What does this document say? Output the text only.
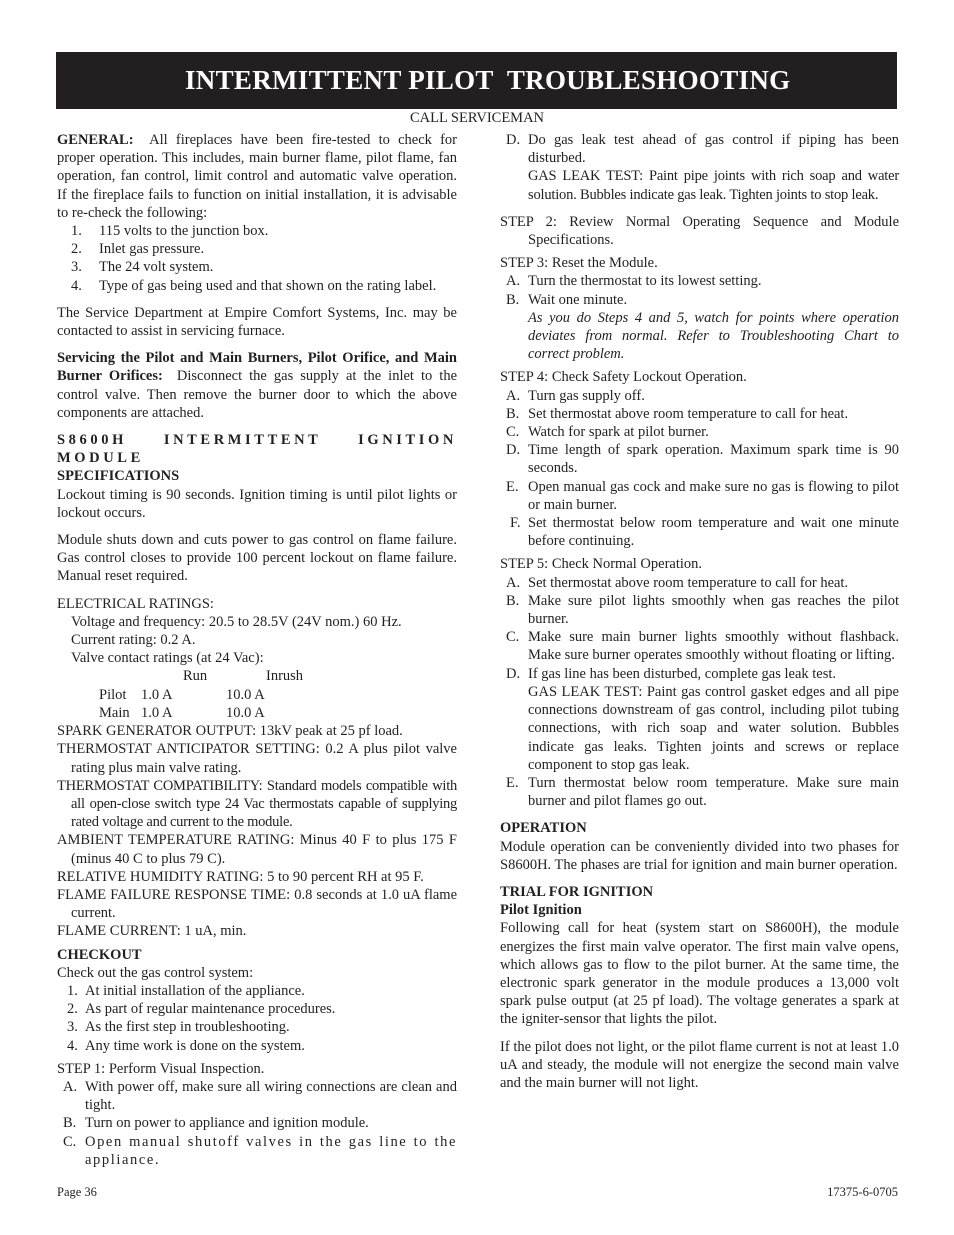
INTERMITTENT PILOT  TROUBLESHOOTING
CALL SERVICEMAN

GENERAL: All fireplaces have been fire-tested to check for proper operation. This includes, main burner flame, pilot flame, fan operation, fan control, limit control and automatic valve operation. If the fireplace fails to function on initial installation, it is advisable to re-check the following:

1. 115 volts to the junction box.
2. Inlet gas pressure.
3. The 24 volt system.
4. Type of gas being used and that shown on the rating label.

The Service Department at Empire Comfort Systems, Inc. may be contacted to assist in servicing furnace.

Servicing the Pilot and Main Burners, Pilot Orifice, and Main Burner Orifices: Disconnect the gas supply at the inlet to the control valve. Then remove the burner door to which the above components are attached.

S8600H INTERMITTENT IGNITION MODULE
SPECIFICATIONS

Lockout timing is 90 seconds. Ignition timing is until pilot lights or lockout occurs.

Module shuts down and cuts power to gas control on flame failure. Gas control closes to provide 100 percent lockout on flame failure. Manual reset required.

ELECTRICAL RATINGS:
Voltage and frequency: 20.5 to 28.5V (24V nom.) 60 Hz.
Current rating: 0.2 A.
Valve contact ratings (at 24 Vac):
Run	Inrush
Pilot	1.0 A	10.0 A
Main 1.0 A	10.0 A
SPARK GENERATOR OUTPUT: 13kV peak at 25 pf load.
THERMOSTAT ANTICIPATOR SETTING: 0.2 A plus pilot valve rating plus main valve rating.
THERMOSTAT COMPATIBILITY: Standard models compatible with all open-close switch type 24 Vac thermostats capable of supplying rated voltage and current to the module.
AMBIENT TEMPERATURE RATING: Minus 40 F to plus 175 F (minus 40 C to plus 79 C).
RELATIVE HUMIDITY RATING: 5 to 90 percent RH at 95 F.
FLAME FAILURE RESPONSE TIME: 0.8 seconds at 1.0 uA flame current.
FLAME CURRENT: 1 uA, min.
CHECKOUT
Check out the gas control system:
1. At initial installation of the appliance.
2. As part of regular maintenance procedures.
3. As the first step in troubleshooting.
4. Any time work is done on the system.
STEP 1: Perform Visual Inspection.
A. With power off, make sure all wiring connections are clean and tight.
B. Turn on power to appliance and ignition module.
C. Open manual shutoff valves in the gas line to the appliance.
D. Do gas leak test ahead of gas control if piping has been disturbed.
GAS LEAK TEST: Paint pipe joints with rich soap and water solution. Bubbles indicate gas leak. Tighten joints to stop leak.

STEP 2: Review Normal Operating Sequence and Module Specifications.

STEP 3: Reset the Module.
A. Turn the thermostat to its lowest setting.
B. Wait one minute.
As you do Steps 4 and 5, watch for points where operation deviates from normal. Refer to Troubleshooting Chart to correct problem.
STEP 4: Check Safety Lockout Operation.
A. Turn gas supply off.
B. Set thermostat above room temperature to call for heat.
C. Watch for spark at pilot burner.
D. Time length of spark operation. Maximum spark time is 90 seconds.
E. Open manual gas cock and make sure no gas is flowing to pilot or main burner.
F. Set thermostat below room temperature and wait one minute before continuing.
STEP 5: Check Normal Operation.
A. Set thermostat above room temperature to call for heat.
B. Make sure pilot lights smoothly when gas reaches the pilot burner.
C. Make sure main burner lights smoothly without flashback. Make sure burner operates smoothly without floating or lifting.
D. If gas line has been disturbed, complete gas leak test.
GAS LEAK TEST: Paint gas control gasket edges and all pipe connections downstream of gas control, including pilot tubing connections, with rich soap and water solution. Bubbles indicate gas leaks. Tighten joints and screws or replace component to stop gas leak.
E. Turn thermostat below room temperature. Make sure main burner and pilot flames go out.
OPERATION

Module operation can be conveniently divided into two phases for S8600H. The phases are trial for ignition and main burner operation.

TRIAL FOR IGNITION
Pilot Ignition

Following call for heat (system start on S8600H), the module energizes the first main valve operator. The first main valve opens, which allows gas to flow to the pilot burner. At the same time, the electronic spark generator in the module produces a 13,000 volt spark pulse output (at 25 pf load). The voltage generates a spark at the igniter-sensor that lights the pilot.

If the pilot does not light, or the pilot flame current is not at least 1.0 uA and steady, the module will not energize the second main valve and the main burner will not light.

Page 36	17375-6-0705
